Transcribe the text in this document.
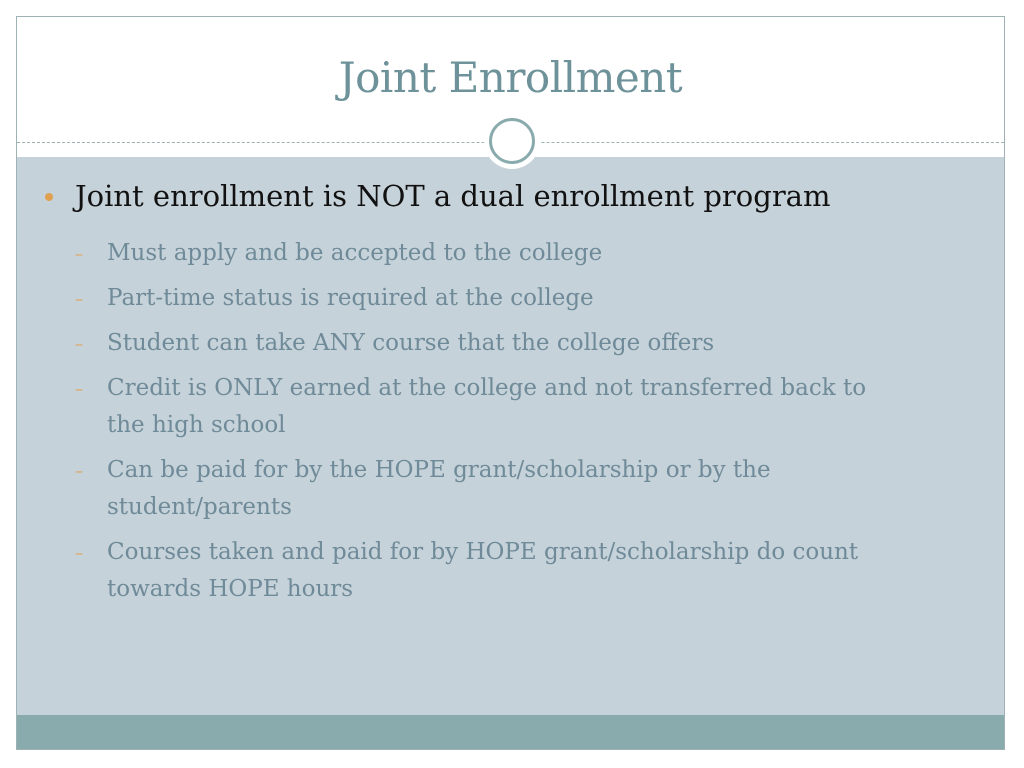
Joint Enrollment
Joint enrollment is NOT a dual enrollment program
–	Must apply and be accepted to the college
–	Part-time status is required at the college
–	Student can take ANY course that the college offers
–	Credit is ONLY earned at the college and not transferred back to the high school
–	Can be paid for by the HOPE grant/scholarship or by the student/parents
–	Courses taken and paid for by HOPE grant/scholarship do count towards HOPE hours
